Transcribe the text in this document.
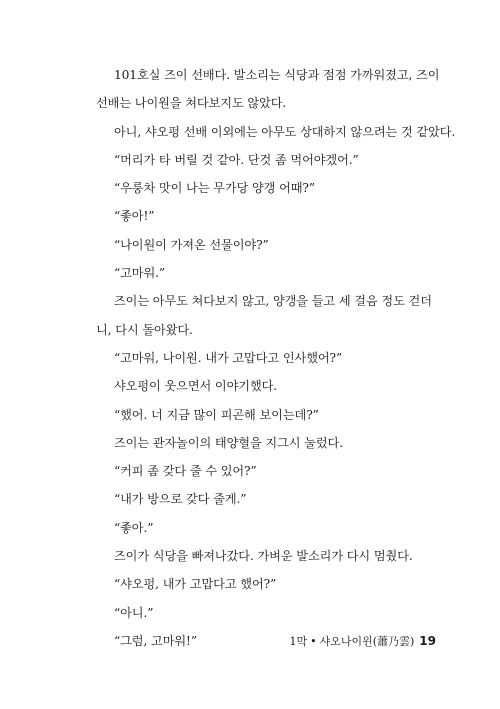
101호실 즈이 선배다. 발소리는 식당과 점점 가까워졌고, 즈이

선배는 나이원을 쳐다보지도 않았다.

아니, 샤오펑 선배 이외에는 아무도 상대하지 않으려는 것 같았다.

“머리가 타 버릴 것 같아. 단것 좀 먹어야겠어.”

“우룽차 맛이 나는 무가당 양갱 어때?”

“좋아!”

“나이원이 가져온 선물이야?”

“고마워.”

즈이는 아무도 쳐다보지 않고, 양갱을 들고 세 걸음 정도 걷더

니, 다시 돌아왔다.

“고마워, 나이원. 내가 고맙다고 인사했어?”

샤오펑이 웃으면서 이야기했다.

“했어. 너 지금 많이 피곤해 보이는데?”

즈이는 관자놀이의 태양혈을 지그시 눌렀다.

“커피 좀 갖다 줄 수 있어?”

“내가 방으로 갖다 줄게.”

“좋아.”

즈이가 식당을 빠져나갔다. 가벼운 발소리가 다시 멈췄다.

“샤오펑, 내가 고맙다고 했어?”

“아니.”

“그럼, 고마워!”	1막 • 샤오나이윈(蕭乃雲) 19
